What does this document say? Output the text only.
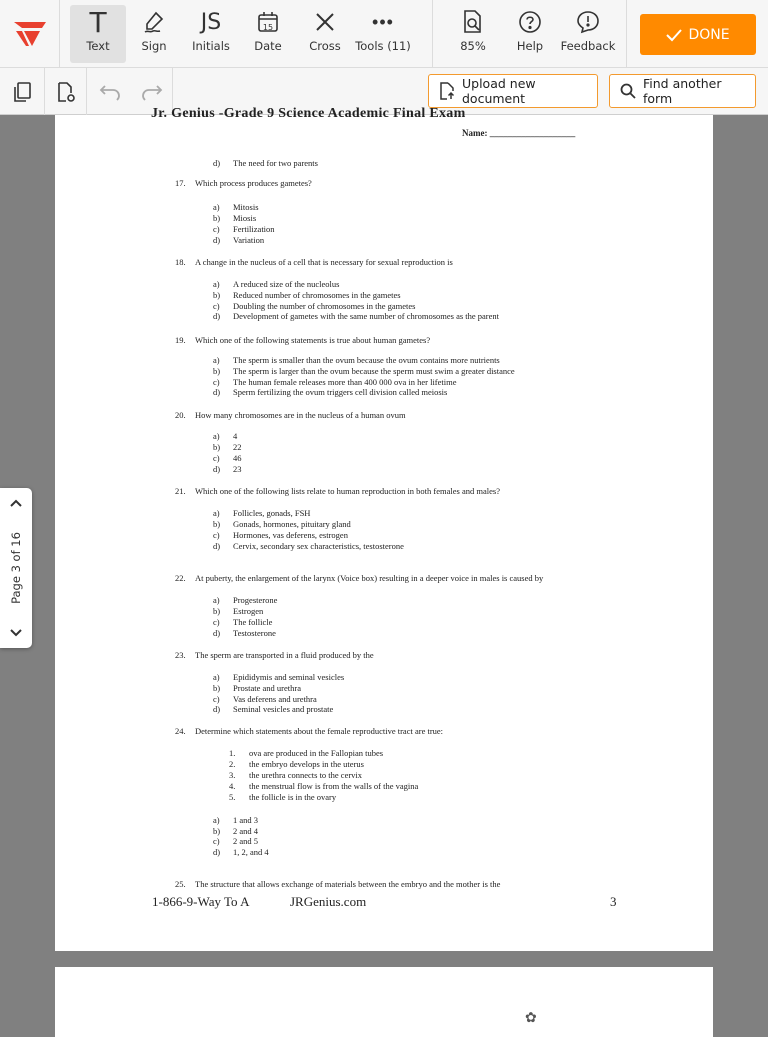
T
Text	Sign
JS
Initials
15
Date Cross
•••
Tools (11)	85%	Help Feedback
DONE
Upload new document
Find another form
Jr. Genius -Grade 9 Science Academic Final Exam
Name: ___________________
d) The need for two parents
17. Which process produces gametes?
a) Mitosis
b) Miosis
c) Fertilization
d) Variation
18. A change in the nucleus of a cell that is necessary for sexual reproduction is
a) A reduced size of the nucleolus
b) Reduced number of chromosomes in the gametes
c) Doubling the number of chromosomes in the gametes
d) Development of gametes with the same number of chromosomes as the parent
19. Which one of the following statements is true about human gametes?
a) The sperm is smaller than the ovum because the ovum contains more nutrients
b) The sperm is larger than the ovum because the sperm must swim a greater distance
c) The human female releases more than 400 000 ova in her lifetime
d) Sperm fertilizing the ovum triggers cell division called meiosis
20. How many chromosomes are in the nucleus of a human ovum
a) 4
b) 22
c) 46
d) 23
21. Which one of the following lists relate to human reproduction in both females and males?
a) Follicles, gonads, FSH
b) Gonads, hormones, pituitary gland
c) Hormones, vas deferens, estrogen
d) Cervix, secondary sex characteristics, testosterone
22. At puberty, the enlargement of the larynx (Voice box) resulting in a deeper voice in males is caused by
a) Progesterone
b) Estrogen
c) The follicle
d) Testosterone
23. The sperm are transported in a fluid produced by the
a) Epididymis and seminal vesicles
b) Prostate and urethra
c) Vas deferens and urethra
d) Seminal vesicles and prostate
24. Determine which statements about the female reproductive tract are true:
1. ova are produced in the Fallopian tubes
2. the embryo develops in the uterus
3. the urethra connects to the cervix
4. the menstrual flow is from the walls of the vagina
5. the follicle is in the ovary
a) 1 and 3
b) 2 and 4
c) 2 and 5
d) 1, 2, and 4
25. The structure that allows exchange of materials between the embryo and the mother is the
1-866-9-Way To A	JRGenius.com	3
✿
Page 3 of 16
